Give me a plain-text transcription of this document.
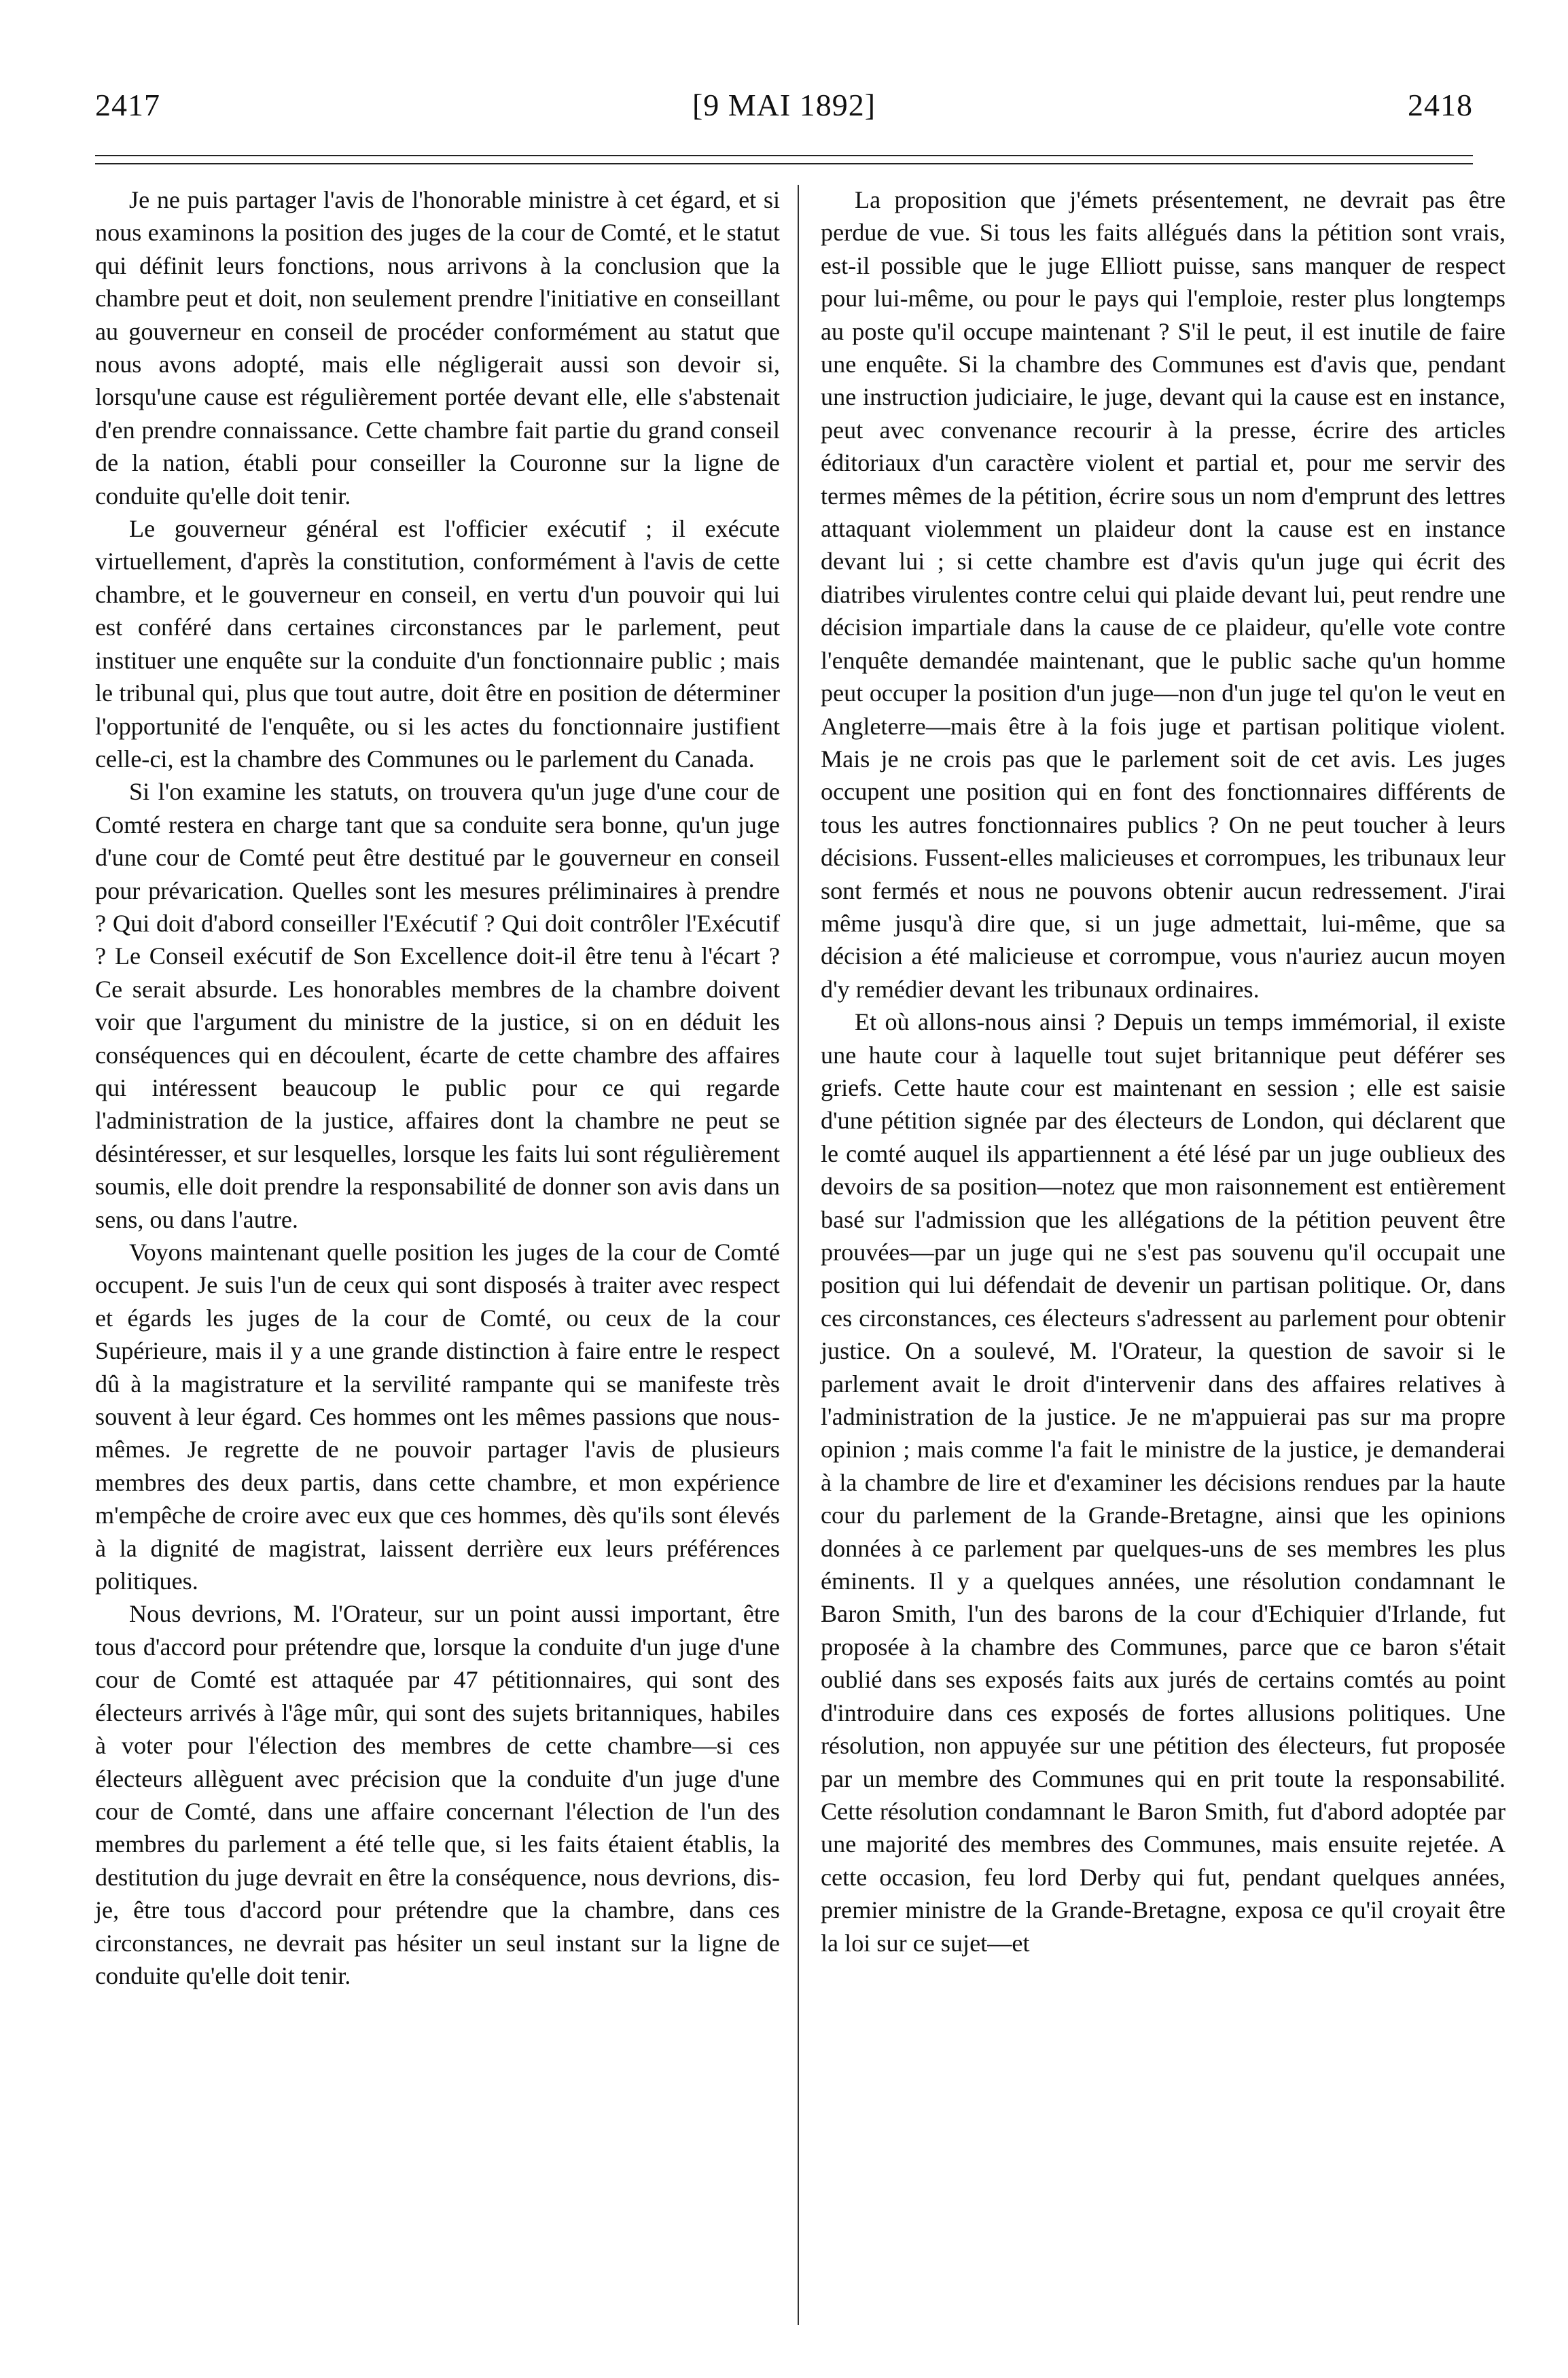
2417	[9 MAI 1892]	2418

Je ne puis partager l'avis de l'honorable ministre à cet égard, et si nous examinons la position des juges de la cour de Comté, et le statut qui définit leurs fonctions, nous arrivons à la conclusion que la chambre peut et doit, non seulement prendre l'initiative en conseillant au gouverneur en conseil de procéder conformément au statut que nous avons adopté, mais elle négligerait aussi son devoir si, lorsqu'une cause est régulièrement portée devant elle, elle s'abstenait d'en prendre connaissance. Cette chambre fait partie du grand conseil de la nation, établi pour conseiller la Couronne sur la ligne de conduite qu'elle doit tenir.

Le gouverneur général est l'officier exécutif ; il exécute virtuellement, d'après la constitution, conformément à l'avis de cette chambre, et le gouverneur en conseil, en vertu d'un pouvoir qui lui est conféré dans certaines circonstances par le parlement, peut instituer une enquête sur la conduite d'un fonctionnaire public ; mais le tribunal qui, plus que tout autre, doit être en position de déterminer l'opportunité de l'enquête, ou si les actes du fonctionnaire justifient celle-ci, est la chambre des Communes ou le parlement du Canada.

Si l'on examine les statuts, on trouvera qu'un juge d'une cour de Comté restera en charge tant que sa conduite sera bonne, qu'un juge d'une cour de Comté peut être destitué par le gouverneur en conseil pour prévarication. Quelles sont les mesures préliminaires à prendre ? Qui doit d'abord conseiller l'Exécutif ? Qui doit contrôler l'Exécutif ? Le Conseil exécutif de Son Excellence doit-il être tenu à l'écart ? Ce serait absurde. Les honorables membres de la chambre doivent voir que l'argument du ministre de la justice, si on en déduit les conséquences qui en découlent, écarte de cette chambre des affaires qui intéressent beaucoup le public pour ce qui regarde l'administration de la justice, affaires dont la chambre ne peut se désintéresser, et sur lesquelles, lorsque les faits lui sont régulièrement soumis, elle doit prendre la responsabilité de donner son avis dans un sens, ou dans l'autre.

Voyons maintenant quelle position les juges de la cour de Comté occupent. Je suis l'un de ceux qui sont disposés à traiter avec respect et égards les juges de la cour de Comté, ou ceux de la cour Supérieure, mais il y a une grande distinction à faire entre le respect dû à la magistrature et la servilité rampante qui se manifeste très souvent à leur égard. Ces hommes ont les mêmes passions que nous-mêmes. Je regrette de ne pouvoir partager l'avis de plusieurs membres des deux partis, dans cette chambre, et mon expérience m'empêche de croire avec eux que ces hommes, dès qu'ils sont élevés à la dignité de magistrat, laissent derrière eux leurs préférences politiques.

Nous devrions, M. l'Orateur, sur un point aussi important, être tous d'accord pour prétendre que, lorsque la conduite d'un juge d'une cour de Comté est attaquée par 47 pétitionnaires, qui sont des électeurs arrivés à l'âge mûr, qui sont des sujets britanniques, habiles à voter pour l'élection des membres de cette chambre—si ces électeurs allèguent avec précision que la conduite d'un juge d'une cour de Comté, dans une affaire concernant l'élection de l'un des membres du parlement a été telle que, si les faits étaient établis, la destitution du juge devrait en être la conséquence, nous devrions, dis-je, être tous d'accord pour prétendre que la chambre, dans ces circonstances, ne devrait pas hésiter un seul instant sur la ligne de conduite qu'elle doit tenir.

La proposition que j'émets présentement, ne devrait pas être perdue de vue. Si tous les faits allégués dans la pétition sont vrais, est-il possible que le juge Elliott puisse, sans manquer de respect pour lui-même, ou pour le pays qui l'emploie, rester plus longtemps au poste qu'il occupe maintenant ? S'il le peut, il est inutile de faire une enquête. Si la chambre des Communes est d'avis que, pendant une instruction judiciaire, le juge, devant qui la cause est en instance, peut avec convenance recourir à la presse, écrire des articles éditoriaux d'un caractère violent et partial et, pour me servir des termes mêmes de la pétition, écrire sous un nom d'emprunt des lettres attaquant violemment un plaideur dont la cause est en instance devant lui ; si cette chambre est d'avis qu'un juge qui écrit des diatribes virulentes contre celui qui plaide devant lui, peut rendre une décision impartiale dans la cause de ce plaideur, qu'elle vote contre l'enquête demandée maintenant, que le public sache qu'un homme peut occuper la position d'un juge—non d'un juge tel qu'on le veut en Angleterre—mais être à la fois juge et partisan politique violent. Mais je ne crois pas que le parlement soit de cet avis. Les juges occupent une position qui en font des fonctionnaires différents de tous les autres fonctionnaires publics ? On ne peut toucher à leurs décisions. Fussent-elles malicieuses et corrompues, les tribunaux leur sont fermés et nous ne pouvons obtenir aucun redressement. J'irai même jusqu'à dire que, si un juge admettait, lui-même, que sa décision a été malicieuse et corrompue, vous n'auriez aucun moyen d'y remédier devant les tribunaux ordinaires.

Et où allons-nous ainsi ? Depuis un temps immémorial, il existe une haute cour à laquelle tout sujet britannique peut déférer ses griefs. Cette haute cour est maintenant en session ; elle est saisie d'une pétition signée par des électeurs de London, qui déclarent que le comté auquel ils appartiennent a été lésé par un juge oublieux des devoirs de sa position—notez que mon raisonnement est entièrement basé sur l'admission que les allégations de la pétition peuvent être prouvées—par un juge qui ne s'est pas souvenu qu'il occupait une position qui lui défendait de devenir un partisan politique. Or, dans ces circonstances, ces électeurs s'adressent au parlement pour obtenir justice. On a soulevé, M. l'Orateur, la question de savoir si le parlement avait le droit d'intervenir dans des affaires relatives à l'administration de la justice. Je ne m'appuierai pas sur ma propre opinion ; mais comme l'a fait le ministre de la justice, je demanderai à la chambre de lire et d'examiner les décisions rendues par la haute cour du parlement de la Grande-Bretagne, ainsi que les opinions données à ce parlement par quelques-uns de ses membres les plus éminents. Il y a quelques années, une résolution condamnant le Baron Smith, l'un des barons de la cour d'Echiquier d'Irlande, fut proposée à la chambre des Communes, parce que ce baron s'était oublié dans ses exposés faits aux jurés de certains comtés au point d'introduire dans ces exposés de fortes allusions politiques. Une résolution, non appuyée sur une pétition des électeurs, fut proposée par un membre des Communes qui en prit toute la responsabilité. Cette résolution condamnant le Baron Smith, fut d'abord adoptée par une majorité des membres des Communes, mais ensuite rejetée. A cette occasion, feu lord Derby qui fut, pendant quelques années, premier ministre de la Grande-Bretagne, exposa ce qu'il croyait être la loi sur ce sujet—et
